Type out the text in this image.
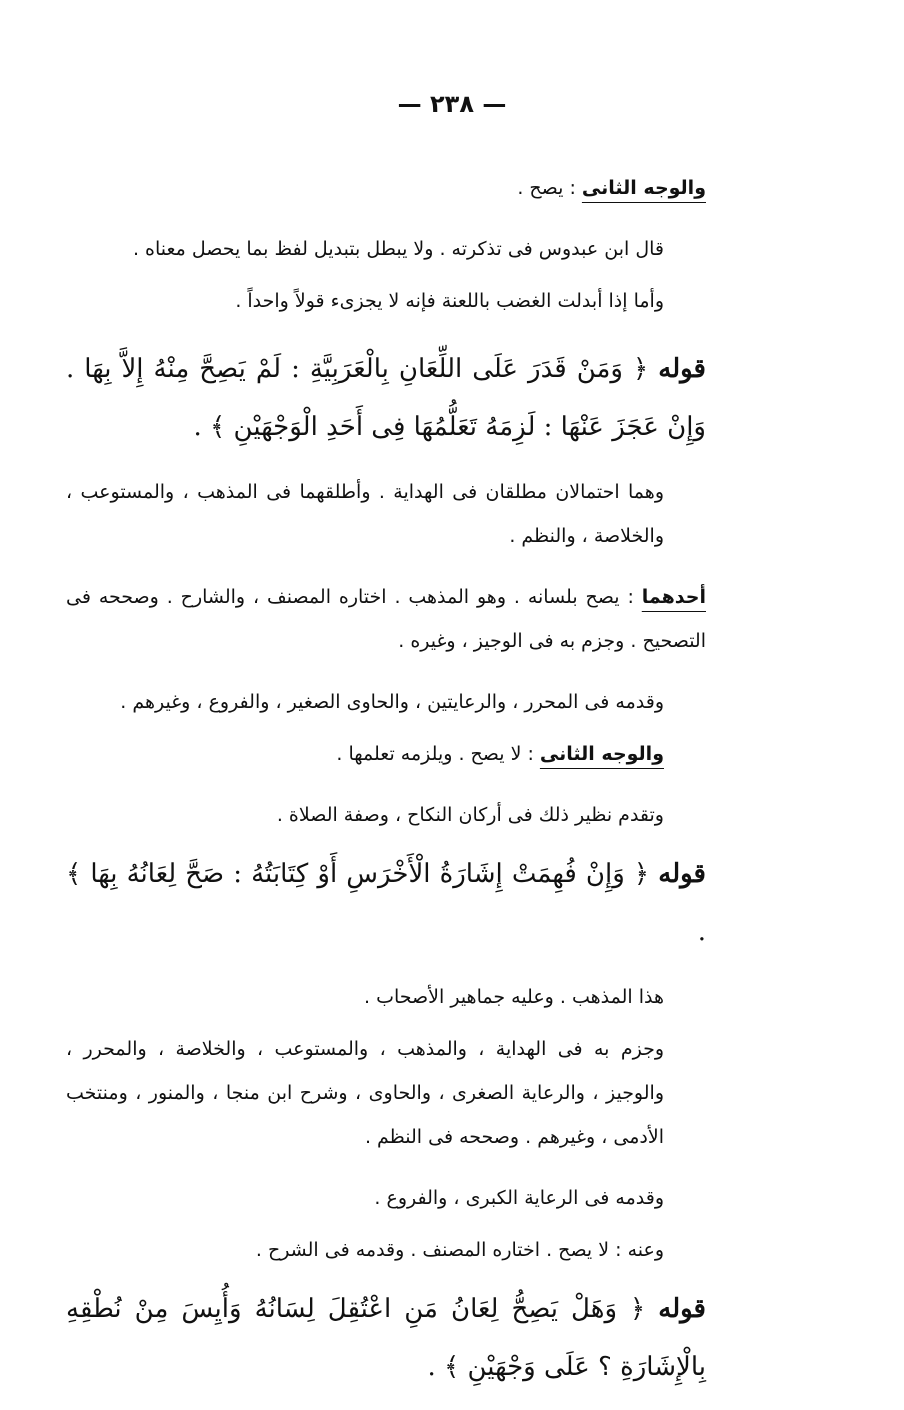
— ٢٣٨ —

والوجه الثانى : يصح .

قال ابن عبدوس فى تذكرته . ولا يبطل بتبديل لفظ بما يحصل معناه .

وأما إذا أبدلت الغضب باللعنة فإنه لا يجزىء قولاً واحداً .

قوله ﴿ وَمَنْ قَدَرَ عَلَى اللِّعَانِ بِالْعَرَبِيَّةِ : لَمْ يَصِحَّ مِنْهُ إِلاَّ بِهَا . وَإِنْ عَجَزَ عَنْهَا : لَزِمَهُ تَعَلُّمُهَا فِى أَحَدِ الْوَجْهَيْنِ ﴾ .

وهما احتمالان مطلقان فى الهداية . وأطلقهما فى المذهب ، والمستوعب ، والخلاصة ، والنظم .

أحدهما : يصح بلسانه . وهو المذهب . اختاره المصنف ، والشارح . وصححه فى التصحيح . وجزم به فى الوجيز ، وغيره .

وقدمه فى المحرر ، والرعايتين ، والحاوى الصغير ، والفروع ، وغيرهم .

والوجه الثانى : لا يصح . ويلزمه تعلمها .

وتقدم نظير ذلك فى أركان النكاح ، وصفة الصلاة .

قوله ﴿ وَإِنْ فُهِمَتْ إِشَارَةُ الْأَخْرَسِ أَوْ كِتَابَتُهُ : صَحَّ لِعَانُهُ بِهَا ﴾ .

هذا المذهب . وعليه جماهير الأصحاب .

وجزم به فى الهداية ، والمذهب ، والمستوعب ، والخلاصة ، والمحرر ، والوجيز ، والرعاية الصغرى ، والحاوى ، وشرح ابن منجا ، والمنور ، ومنتخب الأدمى ، وغيرهم . وصححه فى النظم .

وقدمه فى الرعاية الكبرى ، والفروع .

وعنه : لا يصح . اختاره المصنف . وقدمه فى الشرح .

قوله ﴿ وَهَلْ يَصِحُّ لِعَانُ مَنِ اعْتُقِلَ لِسَانُهُ وَأُيِسَ مِنْ نُطْقِهِ بِالْإِشَارَةِ ؟ عَلَى وَجْهَيْنِ ﴾ .
